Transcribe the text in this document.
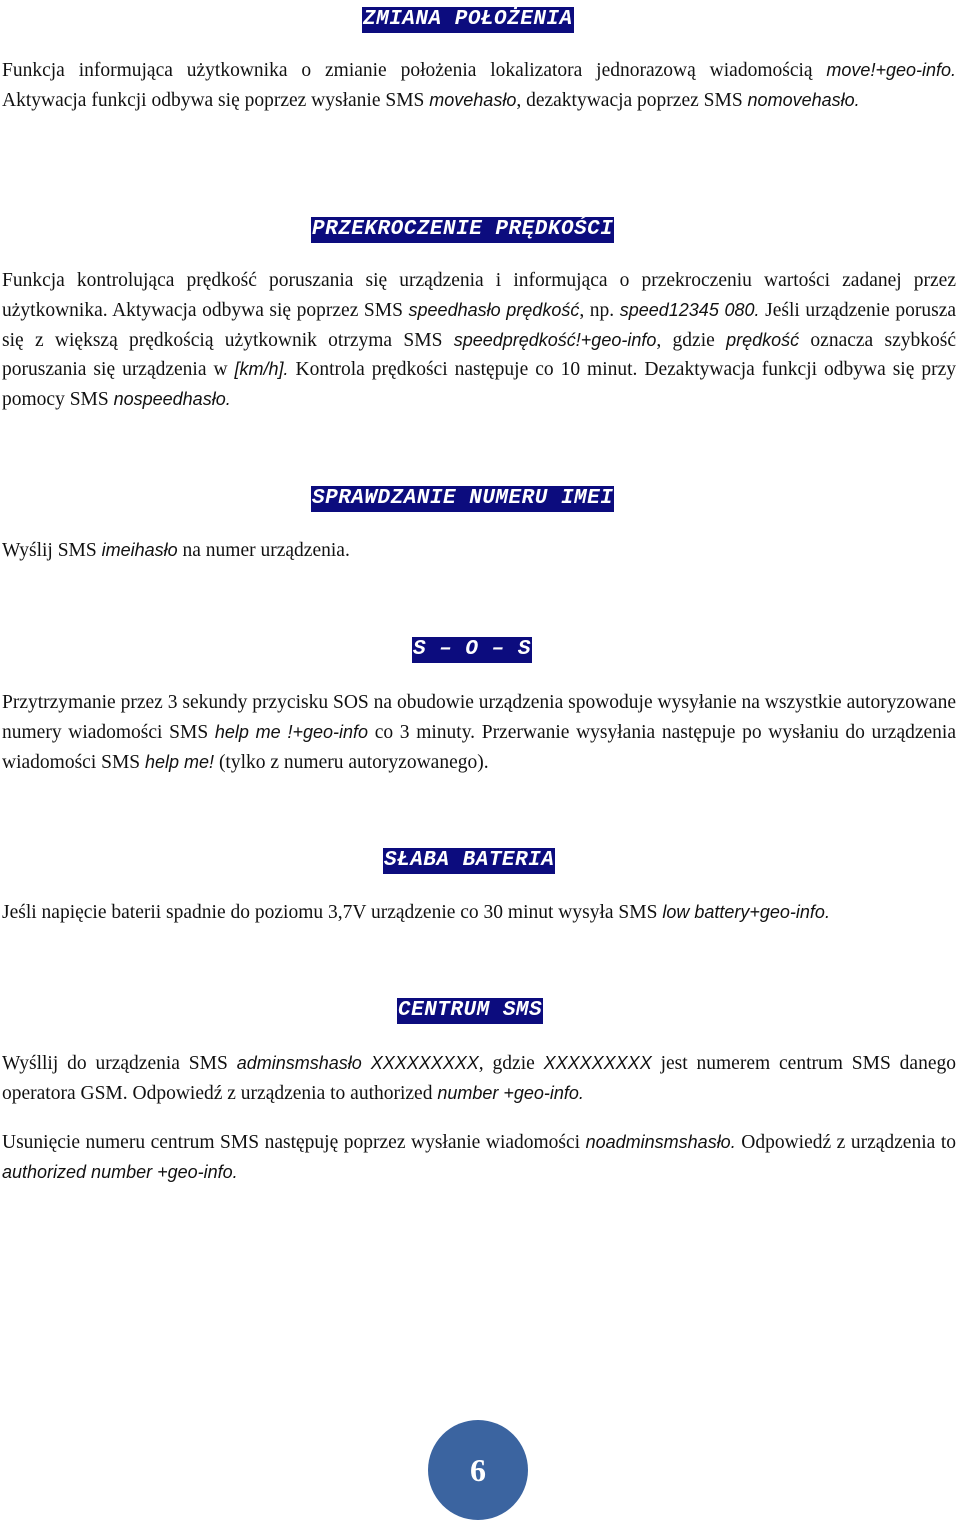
ZMIANA POŁOŻENIA
Funkcja informująca użytkownika o zmianie położenia lokalizatora jednorazową wiadomością move!+geo-info. Aktywacja funkcji odbywa się poprzez wysłanie SMS movehasło, dezaktywacja poprzez SMS nomovehasło.
PRZEKROCZENIE PRĘDKOŚCI
Funkcja kontrolująca prędkość poruszania się urządzenia i informująca o przekroczeniu wartości zadanej przez użytkownika. Aktywacja odbywa się poprzez SMS speedhasło prędkość, np. speed12345 080. Jeśli urządzenie porusza się z większą prędkością użytkownik otrzyma SMS speedprędkość!+geo-info, gdzie prędkość oznacza szybkość poruszania się urządzenia w [km/h]. Kontrola prędkości następuje co 10 minut. Dezaktywacja funkcji odbywa się przy pomocy SMS nospeedhasło.
SPRAWDZANIE NUMERU IMEI
Wyślij SMS imeihasło na numer urządzenia.
S – O – S
Przytrzymanie przez 3 sekundy przycisku SOS na obudowie urządzenia spowoduje wysyłanie na wszystkie autoryzowane numery wiadomości SMS help me !+geo-info co 3 minuty. Przerwanie wysyłania następuje po wysłaniu do urządzenia wiadomości SMS help me! (tylko z numeru autoryzowanego).
SŁABA BATERIA
Jeśli napięcie baterii spadnie do poziomu 3,7V urządzenie co 30 minut wysyła SMS low battery+geo-info.
CENTRUM SMS
Wyśllij do urządzenia SMS adminsmshasło XXXXXXXXX, gdzie XXXXXXXXX jest numerem centrum SMS danego operatora GSM. Odpowiedź z urządzenia to authorized number +geo-info.
Usunięcie numeru centrum SMS następuję poprzez wysłanie wiadomości noadminsmshasło. Odpowiedź z urządzenia to authorized number +geo-info.
6
